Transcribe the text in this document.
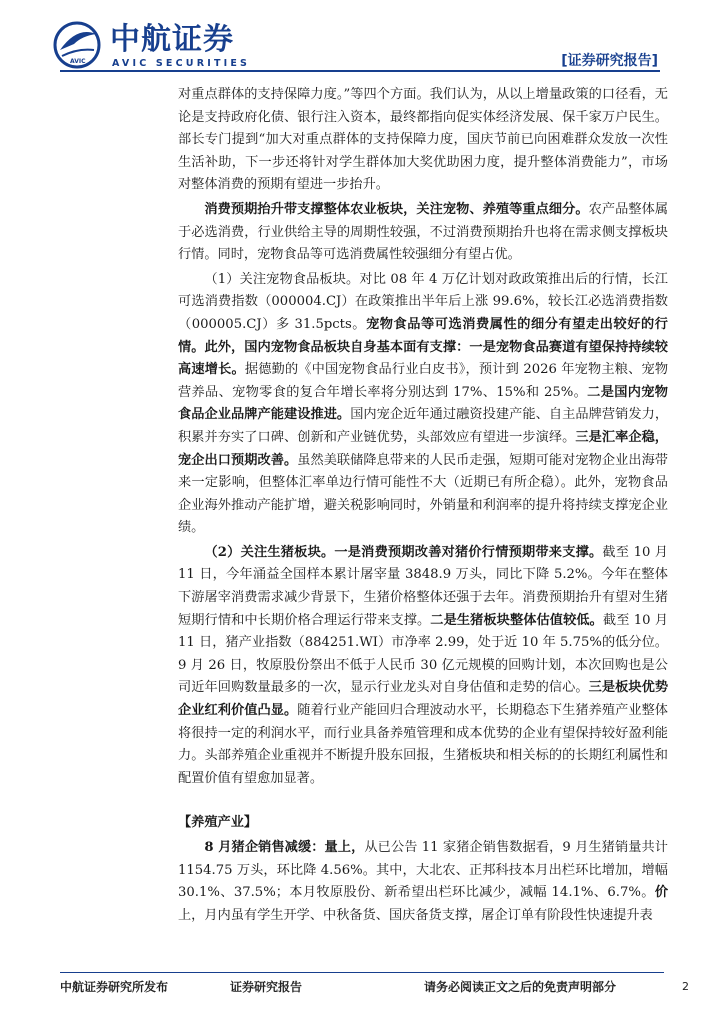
AVIC
中航证券
AVIC SECURITIES	[证券研究报告]

对重点群体的支持保障力度。”等四个方面。我们认为，从以上增量政策的口径看，无论是支持政府化债、银行注入资本，最终都指向促实体经济发展、保千家万户民生。部长专门提到“加大对重点群体的支持保障力度，国庆节前已向困难群众发放一次性生活补助，下一步还将针对学生群体加大奖优助困力度，提升整体消费能力”，市场对整体消费的预期有望进一步抬升。

消费预期抬升带支撑整体农业板块，关注宠物、养殖等重点细分。农产品整体属于必选消费，行业供给主导的周期性较强，不过消费预期抬升也将在需求侧支撑板块行情。同时，宠物食品等可选消费属性较强细分有望占优。

（1）关注宠物食品板块。对比 08 年 4 万亿计划对政政策推出后的行情，长江可选消费指数（000004.CJ）在政策推出半年后上涨 99.6%，较长江必选消费指数（000005.CJ）多 31.5pcts。宠物食品等可选消费属性的细分有望走出较好的行情。此外，国内宠物食品板块自身基本面有支撑：一是宠物食品赛道有望保持持续较高速增长。据德勤的《中国宠物食品行业白皮书》，预计到 2026 年宠物主粮、宠物营养品、宠物零食的复合年增长率将分别达到 17%、15%和 25%。二是国内宠物食品企业品牌产能建设推进。国内宠企近年通过融资投建产能、自主品牌营销发力，积累并夯实了口碑、创新和产业链优势，头部效应有望进一步演绎。三是汇率企稳，宠企出口预期改善。虽然美联储降息带来的人民币走强，短期可能对宠物企业出海带来一定影响，但整体汇率单边行情可能性不大（近期已有所企稳）。此外，宠物食品企业海外推动产能扩增，避关税影响同时，外销量和利润率的提升将持续支撑宠企业绩。

（2）关注生猪板块。一是消费预期改善对猪价行情预期带来支撑。截至 10 月 11 日，今年涌益全国样本累计屠宰量 3848.9 万头，同比下降 5.2%。今年在整体下游屠宰消费需求减少背景下，生猪价格整体还强于去年。消费预期抬升有望对生猪短期行情和中长期价格合理运行带来支撑。二是生猪板块整体估值较低。截至 10 月 11 日，猪产业指数（884251.WI）市净率 2.99，处于近 10 年 5.75%的低分位。9 月 26 日，牧原股份祭出不低于人民币 30 亿元规模的回购计划，本次回购也是公司近年回购数量最多的一次，显示行业龙头对自身估值和走势的信心。三是板块优势企业红利价值凸显。随着行业产能回归合理波动水平，长期稳态下生猪养殖产业整体将很持一定的利润水平，而行业具备养殖管理和成本优势的企业有望保持较好盈利能力。头部养殖企业重视并不断提升股东回报，生猪板块和相关标的的长期红利属性和配置价值有望愈加显著。

【养殖产业】

8 月猪企销售减缓：量上，从已公告 11 家猪企销售数据看，9 月生猪销量共计 1154.75 万头，环比降 4.56%。其中，大北农、正邦科技本月出栏环比增加，增幅 30.1%、37.5%；本月牧原股份、新希望出栏环比减少，减幅 14.1%、6.7%。价上，月内虽有学生开学、中秋备货、国庆备货支撑，屠企订单有阶段性快速提升表

中航证券研究所发布	证券研究报告	请务必阅读正文之后的免责声明部分	2
